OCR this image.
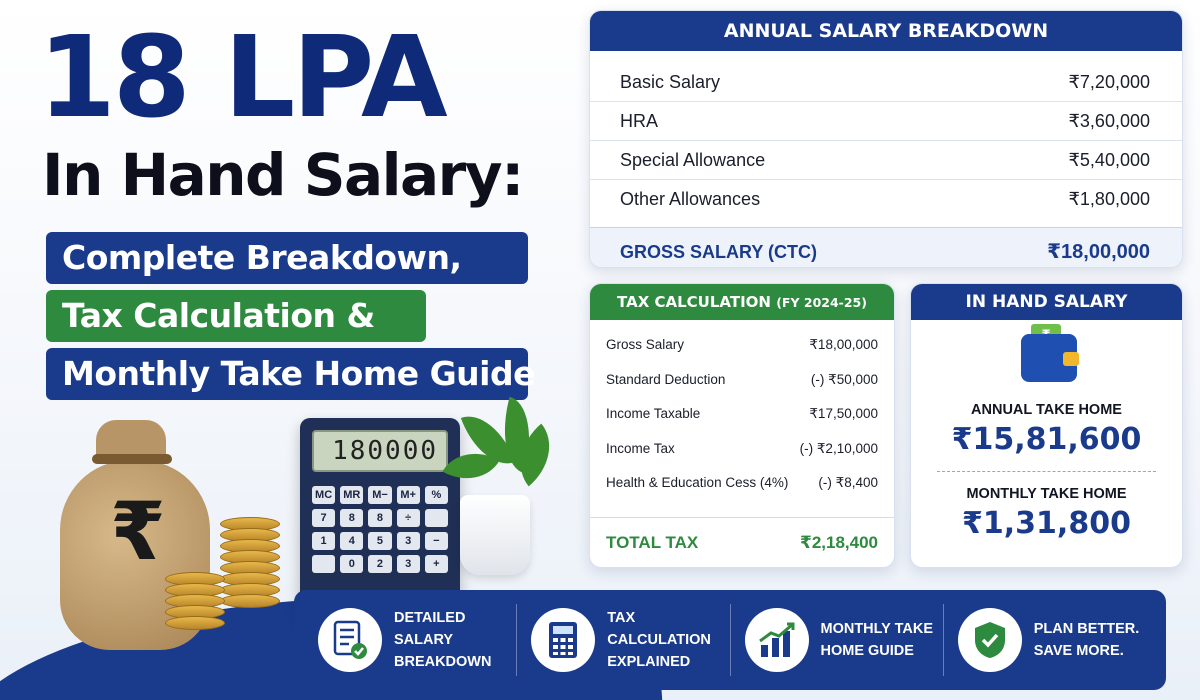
18 LPA
In Hand Salary:
Complete Breakdown,
Tax Calculation &
Monthly Take Home Guide
₹
180000
MC MR	M−	M+	%
7	8	8	÷
1	4	5	3	−
0	2	3	+
ANNUAL SALARY BREAKDOWN
Basic Salary	₹7,20,000
HRA	₹3,60,000
Special Allowance	₹5,40,000
Other Allowances	₹1,80,000
GROSS SALARY (CTC)	₹18,00,000
TAX CALCULATION (FY 2024-25)
Gross Salary	₹18,00,000
Standard Deduction	(-) ₹50,000
Income Taxable	₹17,50,000
Income Tax	(-) ₹2,10,000
Health & Education Cess (4%) (-) ₹8,400
TOTAL TAX	₹2,18,400
IN HAND SALARY
ANNUAL TAKE HOME
₹15,81,600
MONTHLY TAKE HOME
₹1,31,800
DETAILED SALARY
BREAKDOWN
TAX CALCULATION
EXPLAINED
MONTHLY TAKE
HOME GUIDE
PLAN BETTER.
SAVE MORE.
